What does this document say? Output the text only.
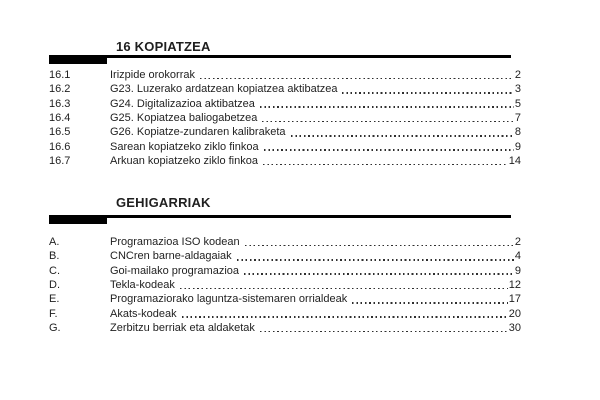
16 KOPIATZEA
16.1	Irizpide orokorrak	2
16.2	G23. Luzerako ardatzean kopiatzea aktibatzea	3
16.3	G24. Digitalizazioa aktibatzea	5
16.4	G25. Kopiatzea baliogabetzea	7
16.5	G26. Kopiatze-zundaren kalibraketa	8
16.6	Sarean kopiatzeko ziklo finkoa	9
16.7	Arkuan kopiatzeko ziklo finkoa	14
GEHIGARRIAK
A.	Programazioa ISO kodean	2
B.	CNCren barne-aldagaiak	4
C.	Goi-mailako programazioa	9
D.	Tekla-kodeak	12
E.	Programaziorako laguntza-sistemaren orrialdeak	17
F.	Akats-kodeak	20
G.	Zerbitzu berriak eta aldaketak	30
